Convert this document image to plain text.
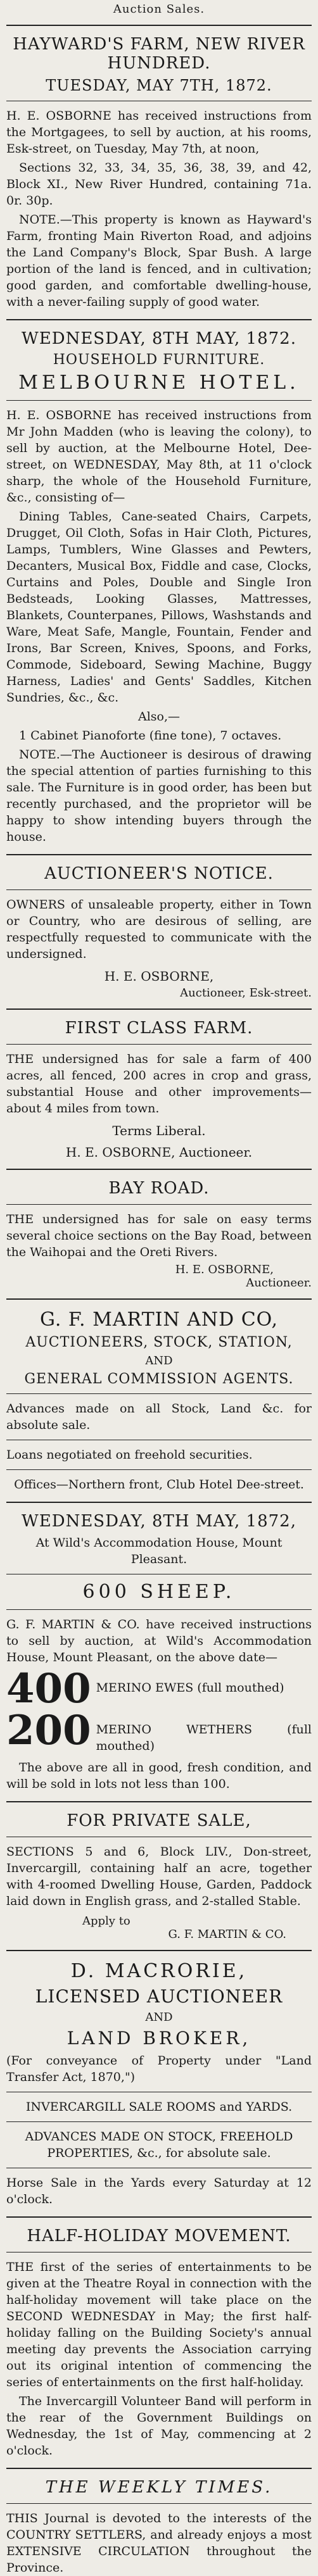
Auction Sales.
HAYWARD'S FARM, NEW RIVER HUNDRED.
TUESDAY, MAY 7TH, 1872.

H. E. OSBORNE has received instructions from the Mortgagees, to sell by auction, at his rooms, Esk-street, on Tuesday, May 7th, at noon,

Sections 32, 33, 34, 35, 36, 38, 39, and 42, Block XI., New River Hundred, containing 71a. 0r. 30p.

NOTE.—This property is known as Hayward's Farm, fronting Main Riverton Road, and adjoins the Land Company's Block, Spar Bush. A large portion of the land is fenced, and in cultivation; good garden, and comfortable dwelling-house, with a never-failing supply of good water.

WEDNESDAY, 8TH MAY, 1872.
HOUSEHOLD FURNITURE.
MELBOURNE HOTEL.

H. E. OSBORNE has received instructions from Mr John Madden (who is leaving the colony), to sell by auction, at the Melbourne Hotel, Dee-street, on WEDNESDAY, May 8th, at 11 o'clock sharp, the whole of the Household Furniture, &c., consisting of—

Dining Tables, Cane-seated Chairs, Carpets, Drugget, Oil Cloth, Sofas in Hair Cloth, Pictures, Lamps, Tumblers, Wine Glasses and Pewters, Decanters, Musical Box, Fiddle and case, Clocks, Curtains and Poles, Double and Single Iron Bedsteads, Looking Glasses, Mattresses, Blankets, Counterpanes, Pillows, Washstands and Ware, Meat Safe, Mangle, Fountain, Fender and Irons, Bar Screen, Knives, Spoons, and Forks, Commode, Sideboard, Sewing Machine, Buggy Harness, Ladies' and Gents' Saddles, Kitchen Sundries, &c., &c.

Also,—

1 Cabinet Pianoforte (fine tone), 7 octaves.

NOTE.—The Auctioneer is desirous of drawing the special attention of parties furnishing to this sale. The Furniture is in good order, has been but recently purchased, and the proprietor will be happy to show intending buyers through the house.

AUCTIONEER'S NOTICE.

OWNERS of unsaleable property, either in Town or Country, who are desirous of selling, are respectfully requested to communicate with the undersigned.

H. E. OSBORNE,
Auctioneer, Esk-street.
FIRST CLASS FARM.

THE undersigned has for sale a farm of 400 acres, all fenced, 200 acres in crop and grass, substantial House and other improvements—about 4 miles from town.

Terms Liberal.
H. E. OSBORNE, Auctioneer.
BAY ROAD.

THE undersigned has for sale on easy terms several choice sections on the Bay Road, between the Waihopai and the Oreti Rivers.

H. E. OSBORNE,
Auctioneer.
G. F. MARTIN AND CO,
AUCTIONEERS, STOCK, STATION,
AND
GENERAL COMMISSION AGENTS.

Advances made on all Stock, Land &c. for absolute sale.

Loans negotiated on freehold securities.

Offices—Northern front, Club Hotel Dee-street.

WEDNESDAY, 8TH MAY, 1872,

At Wild's Accommodation House, Mount Pleasant.

600 SHEEP.

G. F. MARTIN & CO. have received instructions to sell by auction, at Wild's Accommodation House, Mount Pleasant, on the above date—

400 MERINO EWES (full mouthed)
200 MERINO WETHERS (full mouthed)

The above are all in good, fresh condition, and will be sold in lots not less than 100.

FOR PRIVATE SALE,

SECTIONS 5 and 6, Block LIV., Don-street, Invercargill, containing half an acre, together with 4-roomed Dwelling House, Garden, Paddock laid down in English grass, and 2-stalled Stable.

Apply to
G. F. MARTIN & CO.
D. MACRORIE,
LICENSED AUCTIONEER
AND
LAND BROKER,

(For conveyance of Property under "Land Transfer Act, 1870,")

INVERCARGILL SALE ROOMS and YARDS.

ADVANCES MADE ON STOCK, FREEHOLD PROPERTIES, &c., for absolute sale.

Horse Sale in the Yards every Saturday at 12 o'clock.

HALF-HOLIDAY MOVEMENT.

THE first of the series of entertainments to be given at the Theatre Royal in connection with the half-holiday movement will take place on the SECOND WEDNESDAY in May; the first half-holiday falling on the Building Society's annual meeting day prevents the Association carrying out its original intention of commencing the series of entertainments on the first half-holiday.

The Invercargill Volunteer Band will perform in the rear of the Government Buildings on Wednesday, the 1st of May, commencing at 2 o'clock.

THE WEEKLY TIMES.

THIS Journal is devoted to the interests of the COUNTRY SETTLERS, and already enjoys a most EXTENSIVE CIRCULATION throughout the Province.
